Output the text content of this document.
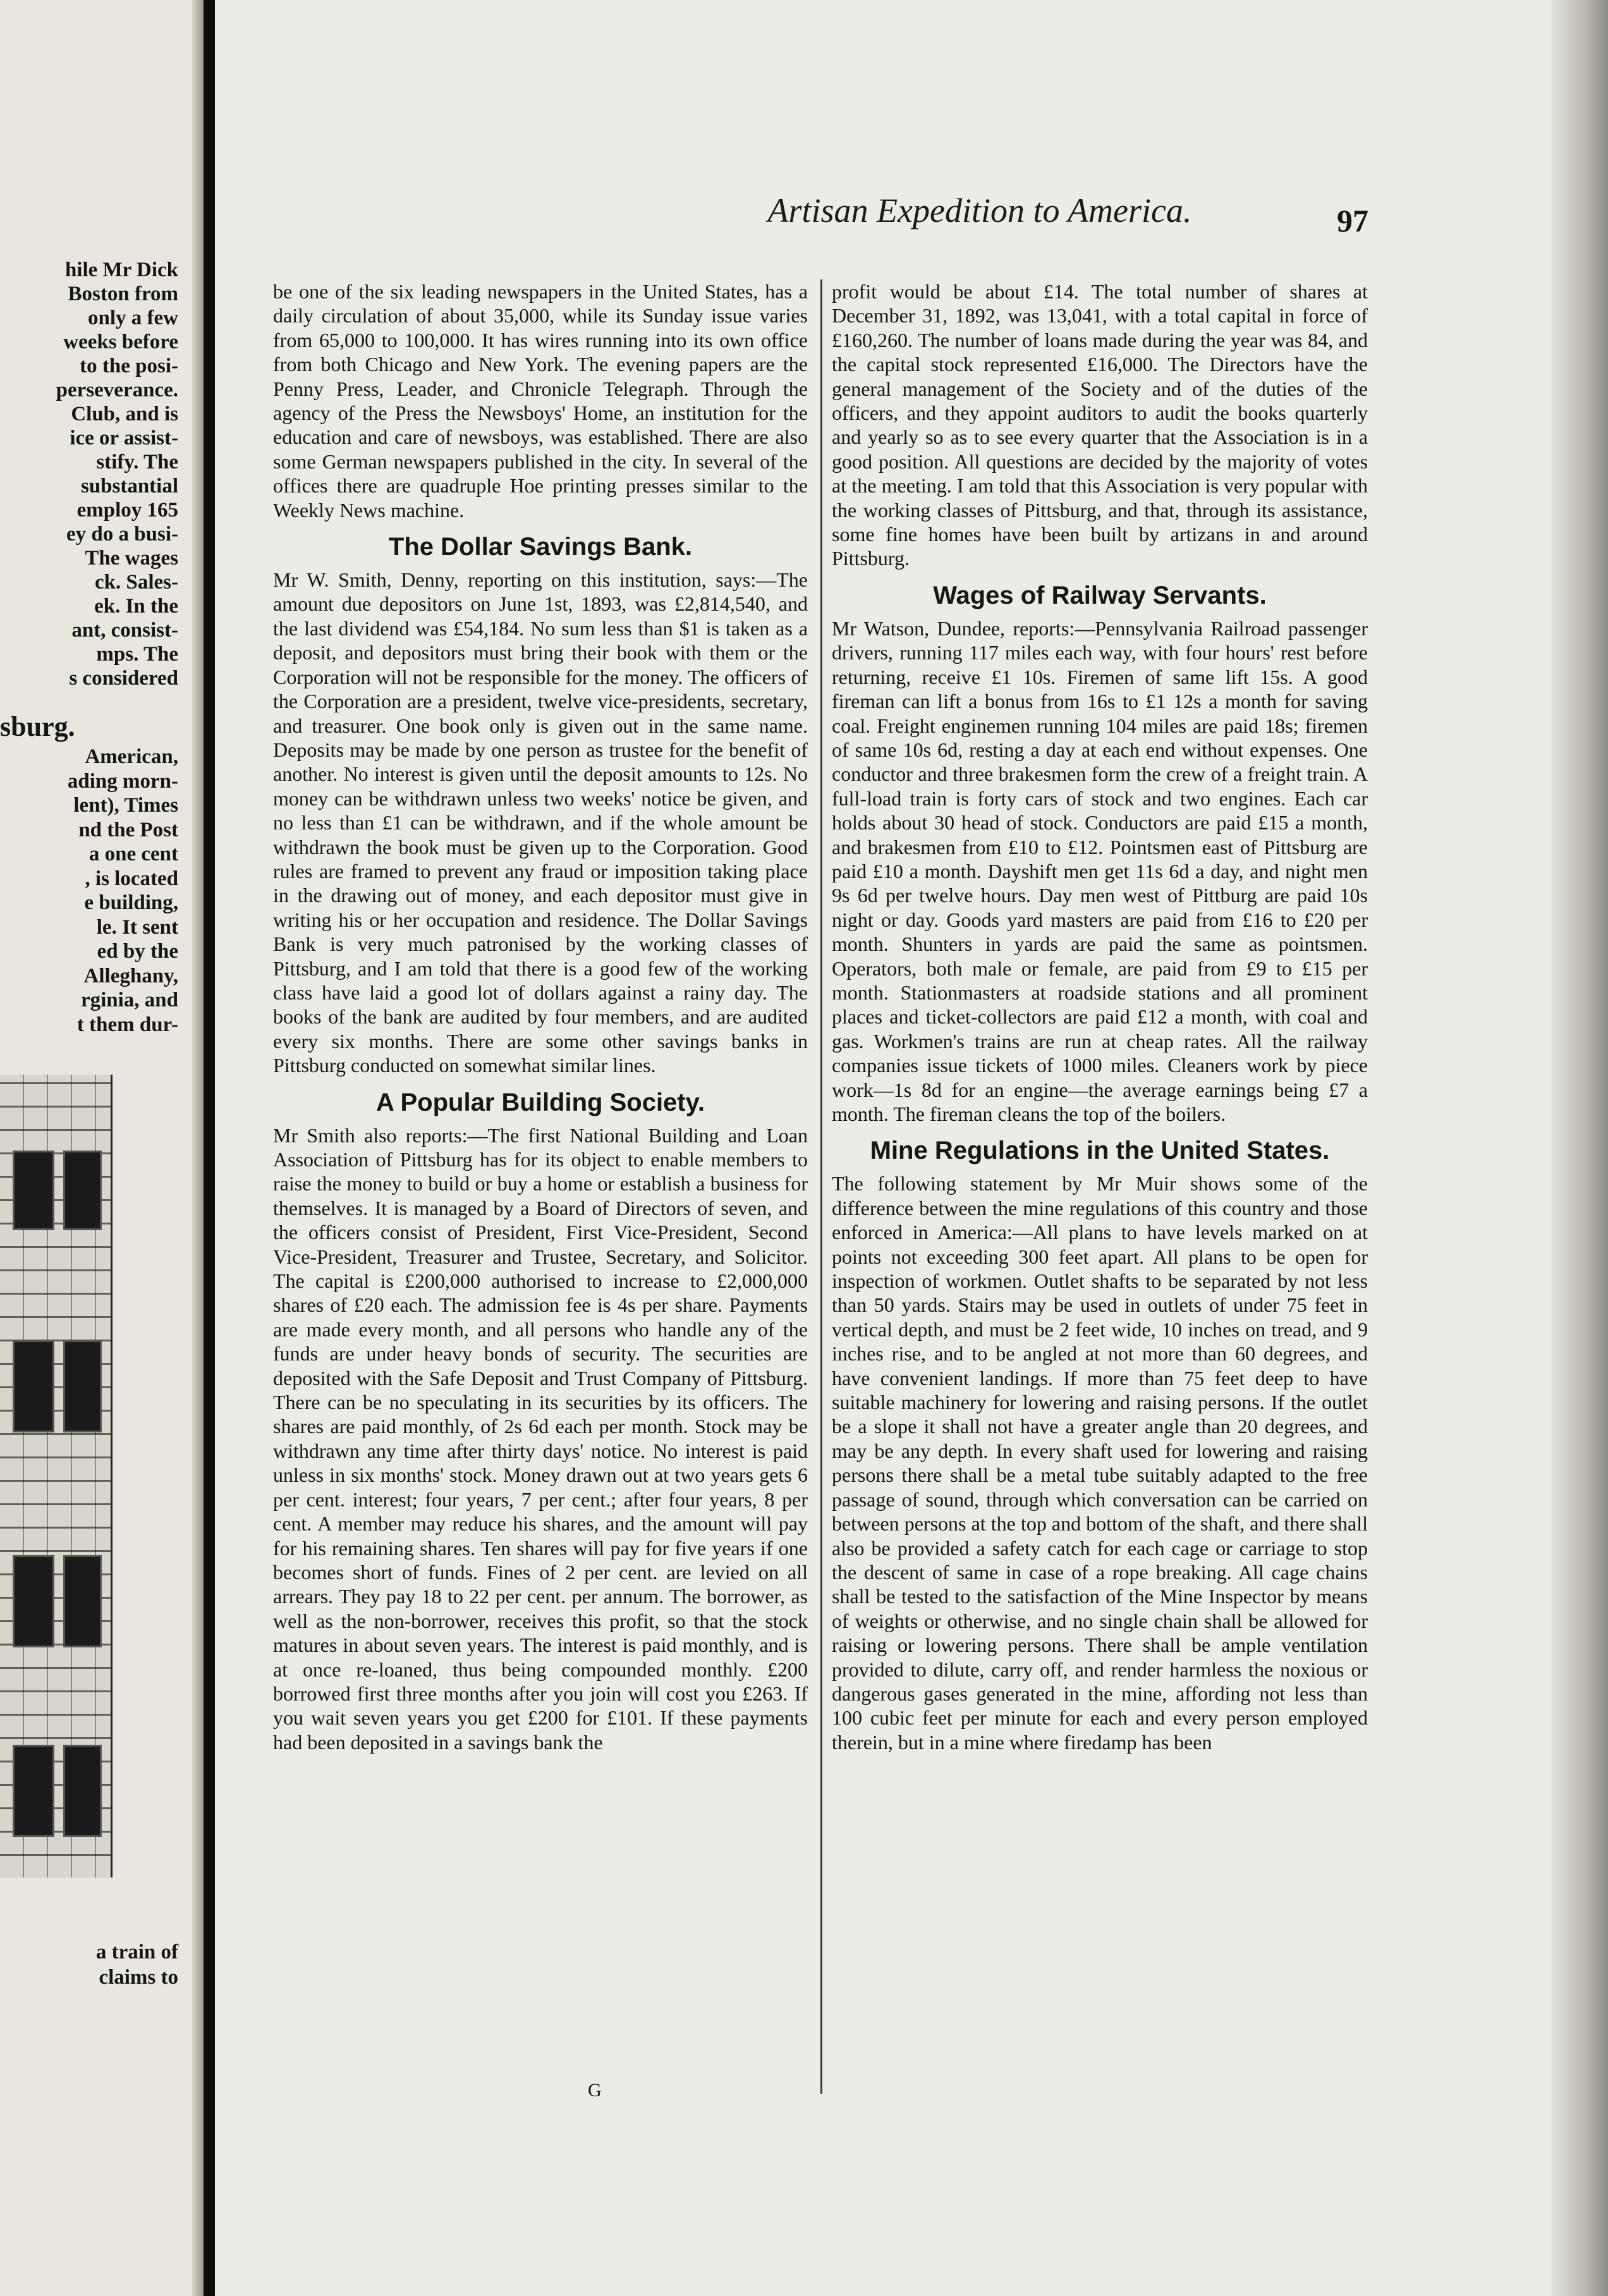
hile Mr Dick
Boston from
only a few
weeks before
to the posi-
perseverance.
Club, and is
ice or assist-
stify. The
substantial
employ 165
ey do a busi-
The wages
ck. Sales-
ek. In the
ant, consist-
mps. The
s considered
sburg.
American,
ading morn-
lent), Times
nd the Post
a one cent
, is located
e building,
le. It sent
ed by the
Alleghany,
rginia, and
t them dur-
a train of
claims to
Artisan Expedition to America.	97

be one of the six leading newspapers in the United States, has a daily circulation of about 35,000, while its Sunday issue varies from 65,000 to 100,000. It has wires running into its own office from both Chicago and New York. The evening papers are the Penny Press, Leader, and Chronicle Telegraph. Through the agency of the Press the Newsboys' Home, an institution for the education and care of newsboys, was established. There are also some German newspapers published in the city. In several of the offices there are quadruple Hoe printing presses similar to the Weekly News machine.

The Dollar Savings Bank.

Mr W. Smith, Denny, reporting on this institution, says:—The amount due depositors on June 1st, 1893, was £2,814,540, and the last dividend was £54,184. No sum less than $1 is taken as a deposit, and depositors must bring their book with them or the Corporation will not be responsible for the money. The officers of the Corporation are a president, twelve vice-presidents, secretary, and treasurer. One book only is given out in the same name. Deposits may be made by one person as trustee for the benefit of another. No interest is given until the deposit amounts to 12s. No money can be withdrawn unless two weeks' notice be given, and no less than £1 can be withdrawn, and if the whole amount be withdrawn the book must be given up to the Corporation. Good rules are framed to prevent any fraud or imposition taking place in the drawing out of money, and each depositor must give in writing his or her occupation and residence. The Dollar Savings Bank is very much patronised by the working classes of Pittsburg, and I am told that there is a good few of the working class have laid a good lot of dollars against a rainy day. The books of the bank are audited by four members, and are audited every six months. There are some other savings banks in Pittsburg conducted on somewhat similar lines.

A Popular Building Society.

Mr Smith also reports:—The first National Building and Loan Association of Pittsburg has for its object to enable members to raise the money to build or buy a home or establish a business for themselves. It is managed by a Board of Directors of seven, and the officers consist of President, First Vice-President, Second Vice-President, Treasurer and Trustee, Secretary, and Solicitor. The capital is £200,000 authorised to increase to £2,000,000 shares of £20 each. The admission fee is 4s per share. Payments are made every month, and all persons who handle any of the funds are under heavy bonds of security. The securities are deposited with the Safe Deposit and Trust Company of Pittsburg. There can be no speculating in its securities by its officers. The shares are paid monthly, of 2s 6d each per month. Stock may be withdrawn any time after thirty days' notice. No interest is paid unless in six months' stock. Money drawn out at two years gets 6 per cent. interest; four years, 7 per cent.; after four years, 8 per cent. A member may reduce his shares, and the amount will pay for his remaining shares. Ten shares will pay for five years if one becomes short of funds. Fines of 2 per cent. are levied on all arrears. They pay 18 to 22 per cent. per annum. The borrower, as well as the non-borrower, receives this profit, so that the stock matures in about seven years. The interest is paid monthly, and is at once re-loaned, thus being compounded monthly. £200 borrowed first three months after you join will cost you £263. If you wait seven years you get £200 for £101. If these payments had been deposited in a savings bank the

profit would be about £14. The total number of shares at December 31, 1892, was 13,041, with a total capital in force of £160,260. The number of loans made during the year was 84, and the capital stock represented £16,000. The Directors have the general management of the Society and of the duties of the officers, and they appoint auditors to audit the books quarterly and yearly so as to see every quarter that the Association is in a good position. All questions are decided by the majority of votes at the meeting. I am told that this Association is very popular with the working classes of Pittsburg, and that, through its assistance, some fine homes have been built by artizans in and around Pittsburg.

Wages of Railway Servants.

Mr Watson, Dundee, reports:—Pennsylvania Railroad passenger drivers, running 117 miles each way, with four hours' rest before returning, receive £1 10s. Firemen of same lift 15s. A good fireman can lift a bonus from 16s to £1 12s a month for saving coal. Freight enginemen running 104 miles are paid 18s; firemen of same 10s 6d, resting a day at each end without expenses. One conductor and three brakesmen form the crew of a freight train. A full-load train is forty cars of stock and two engines. Each car holds about 30 head of stock. Conductors are paid £15 a month, and brakesmen from £10 to £12. Pointsmen east of Pittsburg are paid £10 a month. Dayshift men get 11s 6d a day, and night men 9s 6d per twelve hours. Day men west of Pittburg are paid 10s night or day. Goods yard masters are paid from £16 to £20 per month. Shunters in yards are paid the same as pointsmen. Operators, both male or female, are paid from £9 to £15 per month. Stationmasters at roadside stations and all prominent places and ticket-collectors are paid £12 a month, with coal and gas. Workmen's trains are run at cheap rates. All the railway companies issue tickets of 1000 miles. Cleaners work by piece work—1s 8d for an engine—the average earnings being £7 a month. The fireman cleans the top of the boilers.

Mine Regulations in the United States.

The following statement by Mr Muir shows some of the difference between the mine regulations of this country and those enforced in America:—All plans to have levels marked on at points not exceeding 300 feet apart. All plans to be open for inspection of workmen. Outlet shafts to be separated by not less than 50 yards. Stairs may be used in outlets of under 75 feet in vertical depth, and must be 2 feet wide, 10 inches on tread, and 9 inches rise, and to be angled at not more than 60 degrees, and have convenient landings. If more than 75 feet deep to have suitable machinery for lowering and raising persons. If the outlet be a slope it shall not have a greater angle than 20 degrees, and may be any depth. In every shaft used for lowering and raising persons there shall be a metal tube suitably adapted to the free passage of sound, through which conversation can be carried on between persons at the top and bottom of the shaft, and there shall also be provided a safety catch for each cage or carriage to stop the descent of same in case of a rope breaking. All cage chains shall be tested to the satisfaction of the Mine Inspector by means of weights or otherwise, and no single chain shall be allowed for raising or lowering persons. There shall be ample ventilation provided to dilute, carry off, and render harmless the noxious or dangerous gases generated in the mine, affording not less than 100 cubic feet per minute for each and every person employed therein, but in a mine where firedamp has been

G
